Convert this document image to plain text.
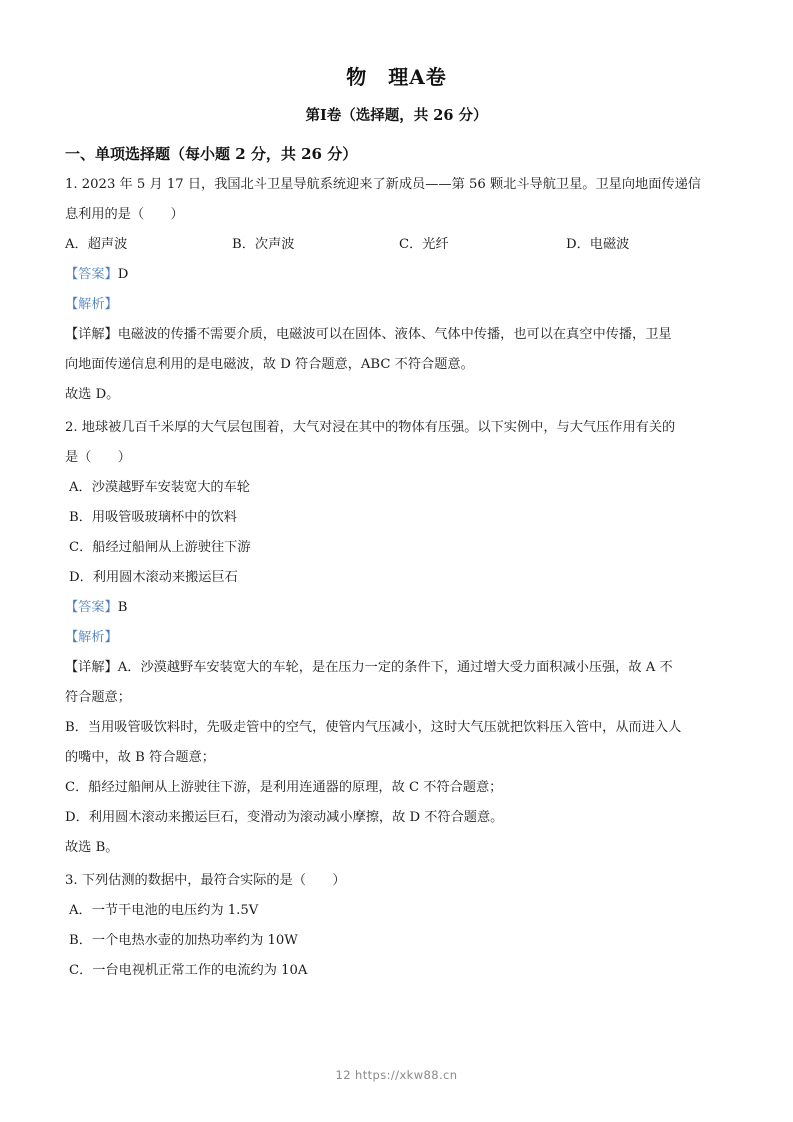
物　理A卷
第Ⅰ卷（选择题，共 26 分）
一、单项选择题（每小题 2 分，共 26 分）
1. 2023 年 5 月 17 日，我国北斗卫星导航系统迎来了新成员——第 56 颗北斗导航卫星。卫星向地面传递信
息利用的是（　　）
A．超声波	B．次声波	C．光纤	D．电磁波
【答案】D
【解析】
【详解】电磁波的传播不需要介质，电磁波可以在固体、液体、气体中传播，也可以在真空中传播，卫星
向地面传递信息利用的是电磁波，故 D 符合题意，ABC 不符合题意。
故选 D。
2. 地球被几百千米厚的大气层包围着，大气对浸在其中的物体有压强。以下实例中，与大气压作用有关的
是（　　）
A．沙漠越野车安装宽大的车轮
B．用吸管吸玻璃杯中的饮料
C．船经过船闸从上游驶往下游
D．利用圆木滚动来搬运巨石
【答案】B
【解析】
【详解】A．沙漠越野车安装宽大的车轮，是在压力一定的条件下，通过增大受力面积减小压强，故 A 不
符合题意；
B．当用吸管吸饮料时，先吸走管中的空气，使管内气压减小，这时大气压就把饮料压入管中，从而进入人
的嘴中，故 B 符合题意；
C．船经过船闸从上游驶往下游，是利用连通器的原理，故 C 不符合题意；
D．利用圆木滚动来搬运巨石，变滑动为滚动减小摩擦，故 D 不符合题意。
故选 B。
3. 下列估测的数据中，最符合实际的是（　　）
A．一节干电池的电压约为 1.5V
B．一个电热水壶的加热功率约为 10W
C．一台电视机正常工作的电流约为 10A
12 https://xkw88.cn
